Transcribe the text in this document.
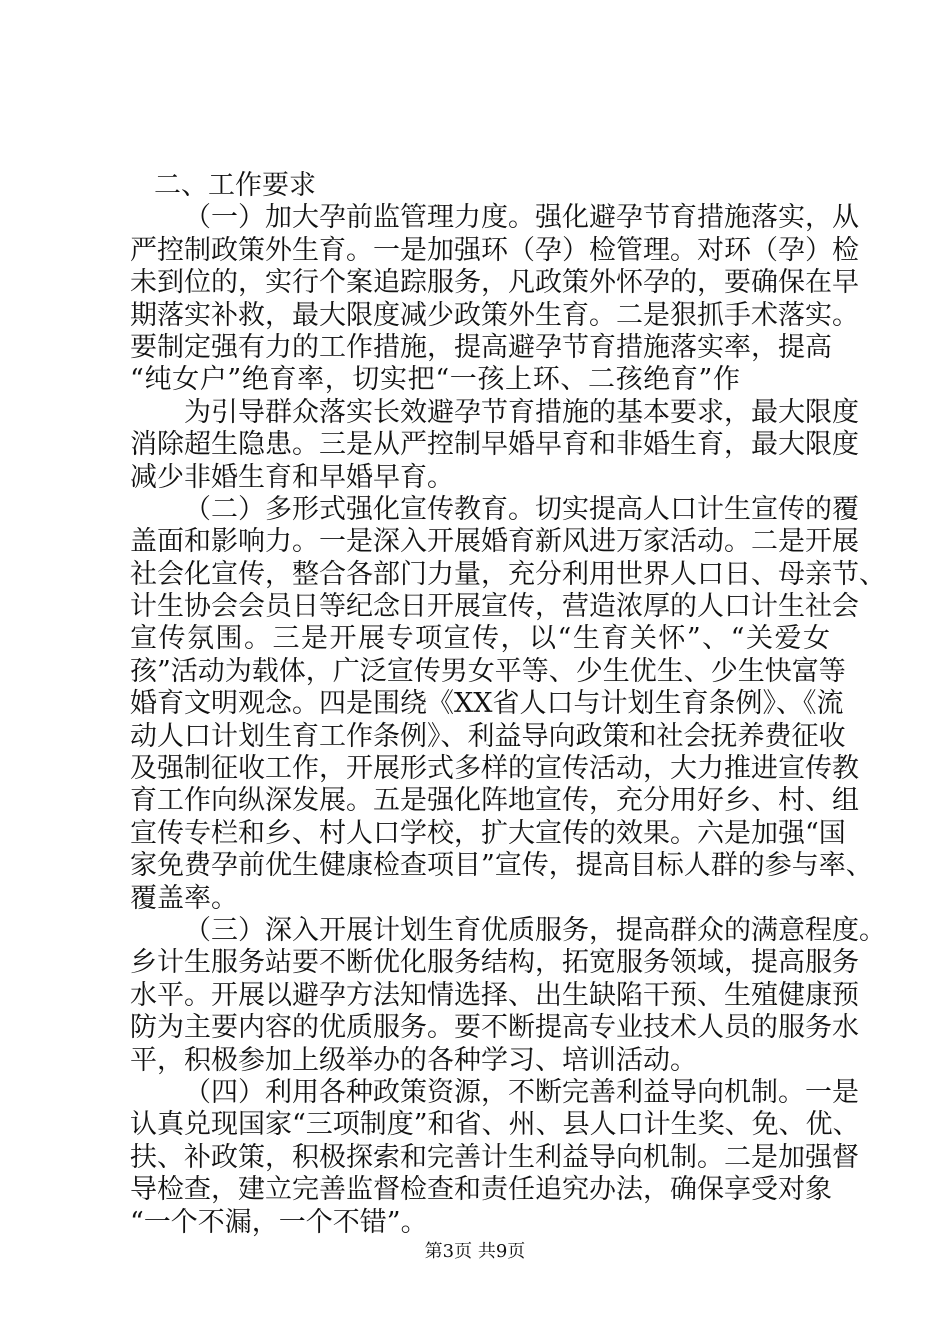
二、工作要求
（一）加大孕前监管理力度。强化避孕节育措施落实，从
严控制政策外生育。一是加强环（孕）检管理。对环（孕）检
未到位的，实行个案追踪服务，凡政策外怀孕的，要确保在早
期落实补救，最大限度减少政策外生育。二是狠抓手术落实。
要制定强有力的工作措施，提高避孕节育措施落实率，提高
“纯女户”绝育率，切实把“一孩上环、二孩绝育”作
为引导群众落实长效避孕节育措施的基本要求，最大限度
消除超生隐患。三是从严控制早婚早育和非婚生育，最大限度
减少非婚生育和早婚早育。
（二）多形式强化宣传教育。切实提高人口计生宣传的覆
盖面和影响力。一是深入开展婚育新风进万家活动。二是开展
社会化宣传，整合各部门力量，充分利用世界人口日、母亲节、
计生协会会员日等纪念日开展宣传，营造浓厚的人口计生社会
宣传氛围。三是开展专项宣传，以“生育关怀”、“关爱女
孩”活动为载体，广泛宣传男女平等、少生优生、少生快富等
婚育文明观念。四是围绕《XX省人口与计划生育条例》、《流
动人口计划生育工作条例》、利益导向政策和社会抚养费征收
及强制征收工作，开展形式多样的宣传活动，大力推进宣传教
育工作向纵深发展。五是强化阵地宣传，充分用好乡、村、组
宣传专栏和乡、村人口学校，扩大宣传的效果。六是加强“国
家免费孕前优生健康检查项目”宣传，提高目标人群的参与率、
覆盖率。
（三）深入开展计划生育优质服务，提高群众的满意程度。
乡计生服务站要不断优化服务结构，拓宽服务领域，提高服务
水平。开展以避孕方法知情选择、出生缺陷干预、生殖健康预
防为主要内容的优质服务。要不断提高专业技术人员的服务水
平，积极参加上级举办的各种学习、培训活动。
（四）利用各种政策资源，不断完善利益导向机制。一是
认真兑现国家“三项制度”和省、州、县人口计生奖、免、优、
扶、补政策，积极探索和完善计生利益导向机制。二是加强督
导检查，建立完善监督检查和责任追究办法，确保享受对象
“一个不漏，一个不错”。
第3页 共9页
